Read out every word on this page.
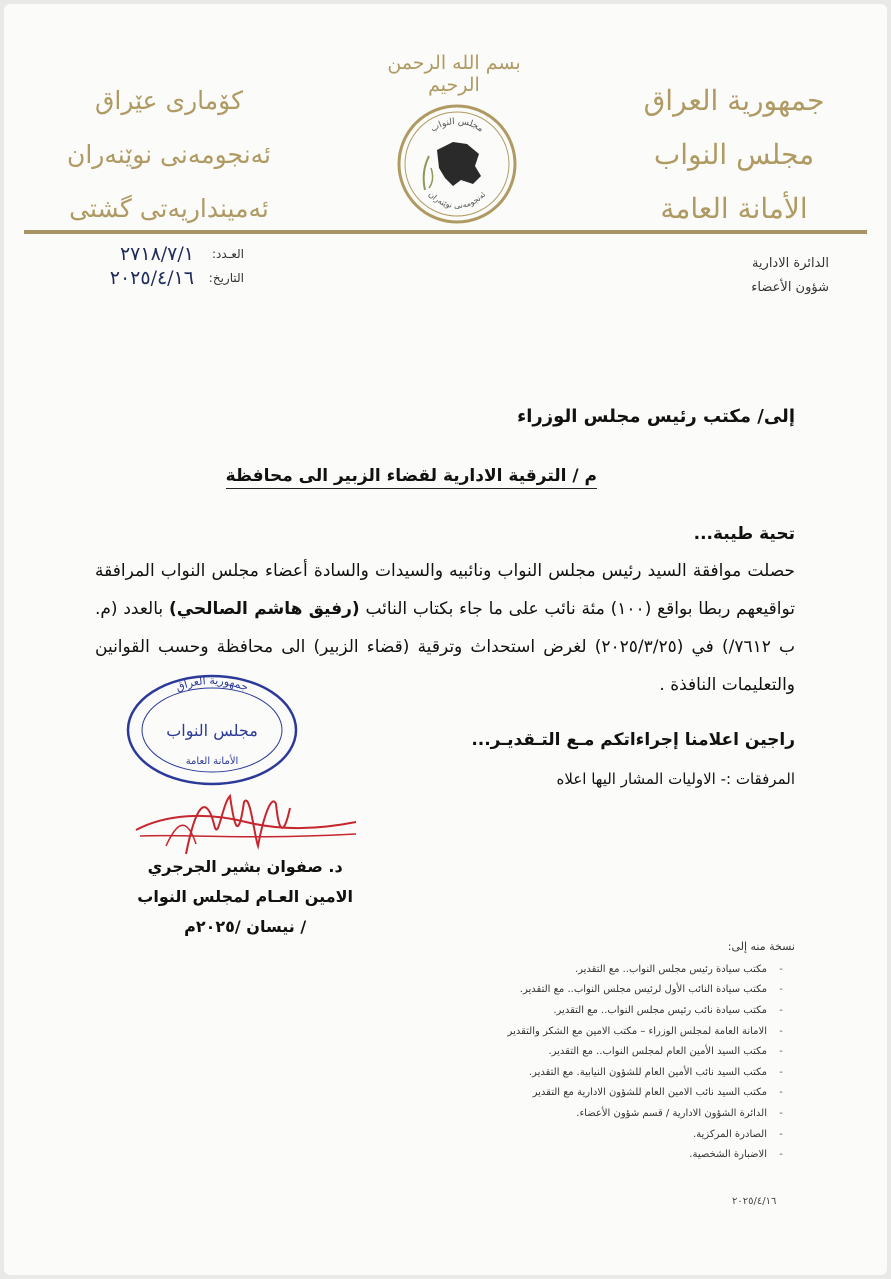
جمهورية العراق
مجلس النواب
الأمانة العامة
كۆماری عێراق
ئەنجومەنی نوێنەران
ئەمینداریەتی گشتی
بسم الله الرحمن الرحيم
مجلس النواب
ئەنجومەنی نوێنەران
الدائرة الادارية
شؤون الأعضاء
العـدد:
٢٧١٨/٧/١
التاريخ:
٢٠٢٥/٤/١٦
إلى/ مكتب رئيس مجلس الوزراء
م / الترقية الادارية لقضاء الزبير الى محافظة
تحية طيبة...
حصلت موافقة السيد رئيس مجلس النواب ونائبيه والسيدات والسادة أعضاء مجلس النواب المرافقة تواقيعهم ربطا بواقع (١٠٠) مئة نائب على ما جاء بكتاب النائب (رفيق هاشم الصالحي) بالعدد (م. ب ٧٦١٢/) في (٢٠٢٥/٣/٢٥) لغرض استحداث وترقية (قضاء الزبير) الى محافظة وحسب القوانين والتعليمات النافذة .
راجين اعلامنا إجراءاتكم مـع التـقديـر...
المرفقات :- الاوليات المشار اليها اعلاه
جمهورية العراق
مجلس النواب
الأمانة العامة
د. صفوان بشير الجرجري
الامين العـام لمجلس النواب
/ نيسان /٢٠٢٥م
نسخة منه إلى:
-
مكتب سيادة رئيس مجلس النواب.. مع التقدير.
-
مكتب سيادة النائب الأول لرئيس مجلس النواب.. مع التقدير.
-
مكتب سيادة نائب رئيس مجلس النواب.. مع التقدير.
-
الامانة العامة لمجلس الوزراء – مكتب الامين مع الشكر والتقدير
-
مكتب السيد الأمين العام لمجلس النواب.. مع التقدير.
-
مكتب السيد نائب الأمين العام للشؤون النيابية. مع التقدير.
-
مكتب السيد نائب الامين العام للشؤون الادارية مع التقدير
-
الدائرة الشؤون الادارية / قسم شؤون الأعضاء.
-
الصادرة المركزية.
-
الاضبارة الشخصية.
٢٠٢٥/٤/١٦
